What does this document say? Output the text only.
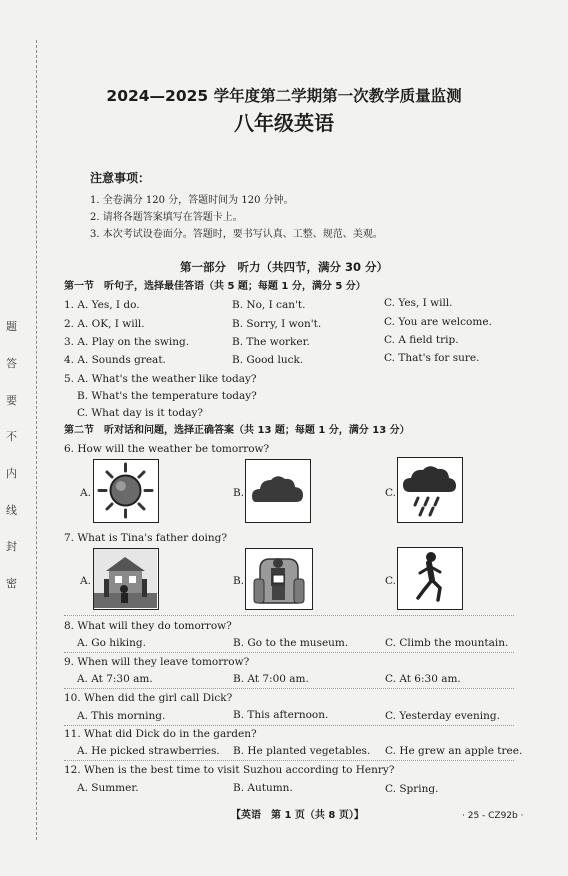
题
答
要
不
内
线
封
密
2024—2025 学年度第二学期第一次教学质量监测
八年级英语
注意事项：
1. 全卷满分 120 分，答题时间为 120 分钟。
2. 请将各题答案填写在答题卡上。
3. 本次考试设卷面分。答题时，要书写认真、工整、规范、美观。
第一部分　听力（共四节，满分 30 分）
第一节　听句子，选择最佳答语（共 5 题；每题 1 分，满分 5 分）
1. A. Yes, I do.	B. No, I can't.	C. Yes, I will.
2. A. OK, I will.	B. Sorry, I won't.	C. You are welcome.
3. A. Play on the swing.	B. The worker.	C. A field trip.
4. A. Sounds great.	B. Good luck.	C. That's for sure.
5. A. What's the weather like today?
B. What's the temperature today?
C. What day is it today?
第二节　听对话和问题，选择正确答案（共 13 题；每题 1 分，满分 13 分）
6. How will the weather be tomorrow?
A.	B.	C.
7. What is Tina's father doing?
A.	B.	C.
8. What will they do tomorrow?
A. Go hiking.	B. Go to the museum.	C. Climb the mountain.
9. When will they leave tomorrow?
A. At 7:30 am.	B. At 7:00 am.	C. At 6:30 am.
10. When did the girl call Dick?
A. This morning.	B. This afternoon.	C. Yesterday evening.
11. What did Dick do in the garden?
A. He picked strawberries. B. He planted vegetables. C. He grew an apple tree.
12. When is the best time to visit Suzhou according to Henry?
A. Summer.	B. Autumn.	C. Spring.
【英语　第 1 页（共 8 页）】	· 25 - CZ92b ·
